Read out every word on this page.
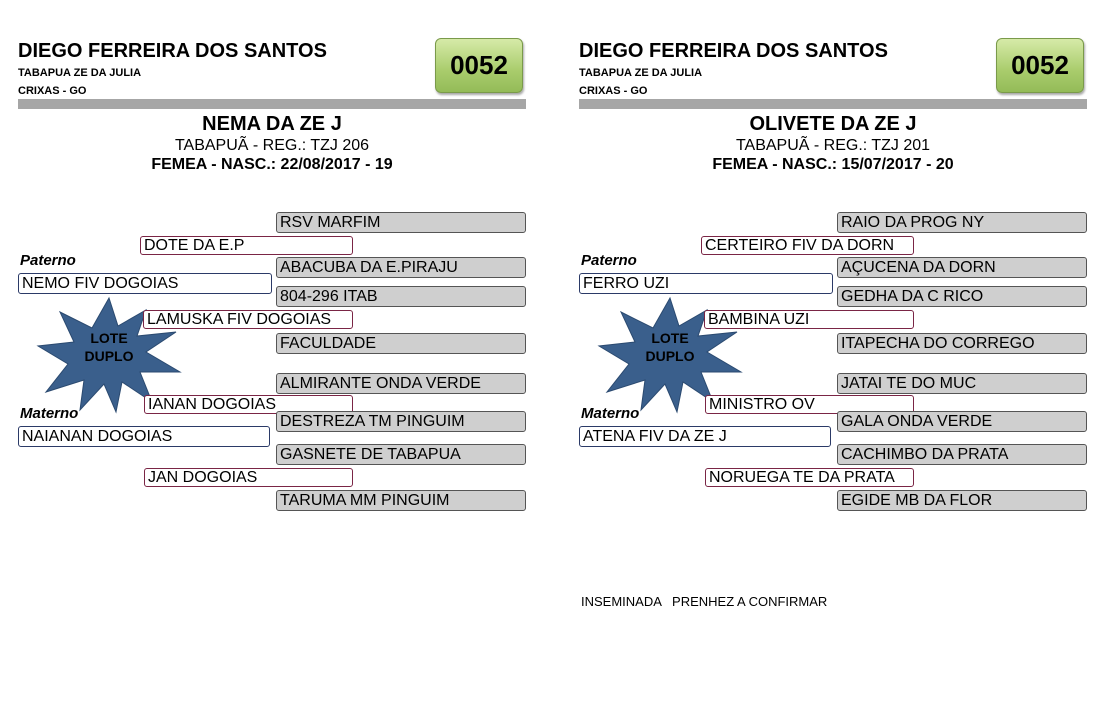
DIEGO FERREIRA DOS SANTOS
TABAPUA ZE DA JULIA
CRIXAS - GO
0052
NEMA DA ZE J
TABAPUÃ - REG.: TZJ 206
FEMEA - NASC.: 22/08/2017 - 19
RSV MARFIM
DOTE DA E.P
Paterno	ABACUBA DA E.PIRAJU
NEMO FIV DOGOIAS
804-296 ITAB
LOTE
DUPLO
LAMUSKA FIV DOGOIAS
FACULDADE
ALMIRANTE ONDA VERDE
IANAN DOGOIAS
Materno	DESTREZA TM PINGUIM
NAIANAN DOGOIAS
GASNETE DE TABAPUA
JAN DOGOIAS
TARUMA MM PINGUIM
DIEGO FERREIRA DOS SANTOS
TABAPUA ZE DA JULIA
CRIXAS - GO
0052
OLIVETE DA ZE J
TABAPUÃ - REG.: TZJ 201
FEMEA - NASC.: 15/07/2017 - 20
RAIO DA PROG NY
CERTEIRO FIV DA DORN
Paterno	AÇUCENA DA DORN
FERRO UZI
GEDHA DA C RICO
LOTE
DUPLO
BAMBINA UZI
ITAPECHA DO CORREGO
JATAI TE DO MUC
MINISTRO OV
Materno	GALA ONDA VERDE
ATENA FIV DA ZE J
CACHIMBO DA PRATA
NORUEGA TE DA PRATA
EGIDE MB DA FLOR
INSEMINADA   PRENHEZ A CONFIRMAR
